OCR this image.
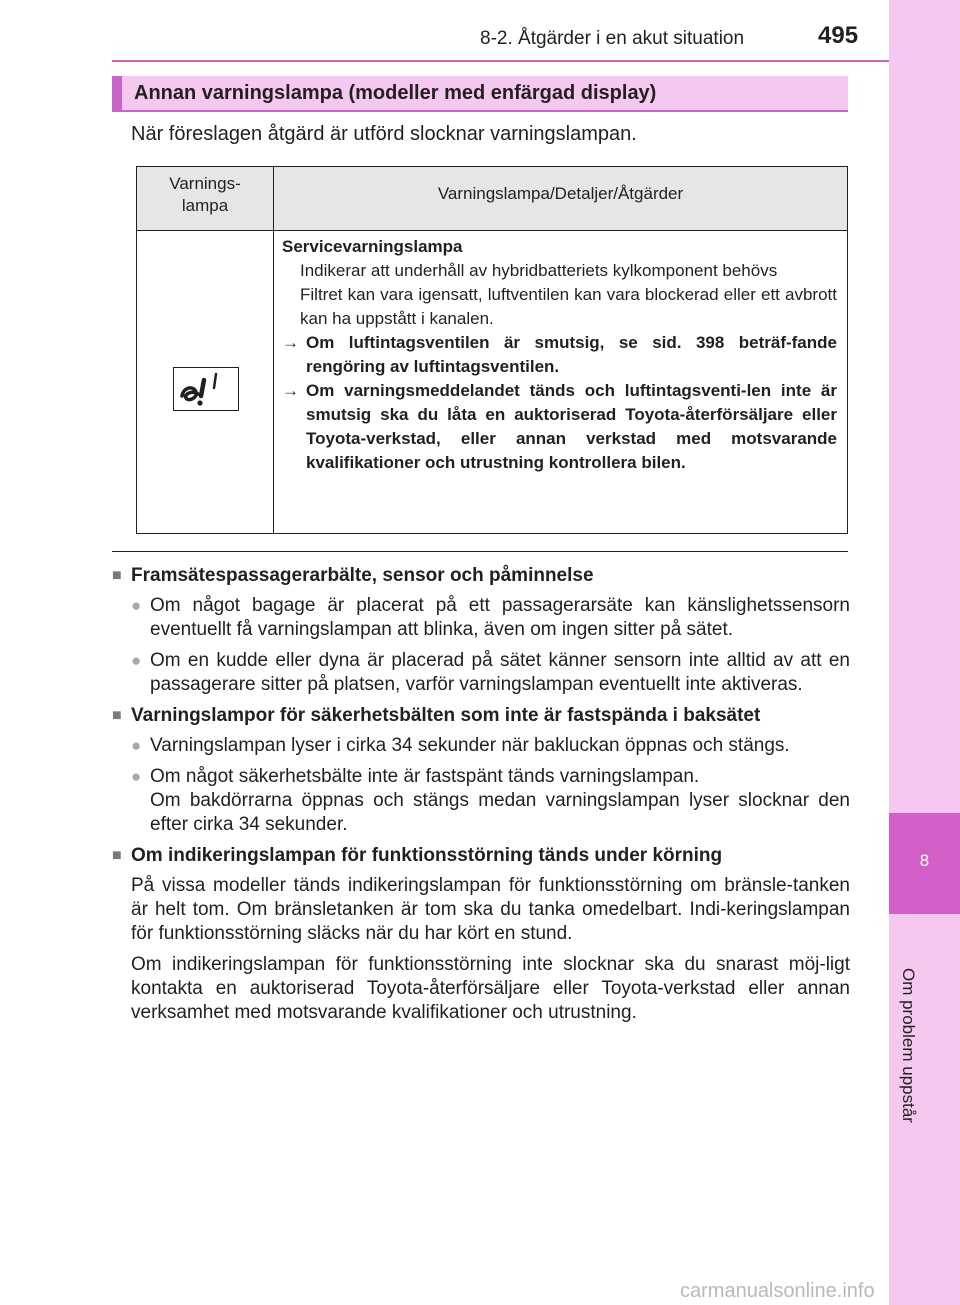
8-2. Åtgärder i en akut situation	495
8
Om problem uppstår
Annan varningslampa (modeller med enfärgad display)
När föreslagen åtgärd är utförd slocknar varningslampan.
Varnings-
lampa
Varningslampa/Detaljer/Åtgärder
Servicevarningslampa
Indikerar att underhåll av hybridbatteriets kylkomponent behövs
Filtret kan vara igensatt, luftventilen kan vara blockerad eller ett avbrott kan ha uppstått i kanalen.
→ Om luftintagsventilen är smutsig, se sid. 398 beträf-fande rengöring av luftintagsventilen.
→ Om varningsmeddelandet tänds och luftintagsventi-len inte är smutsig ska du låta en auktoriserad Toyota-återförsäljare eller Toyota-verkstad, eller annan verkstad med motsvarande kvalifikationer och utrustning kontrollera bilen.
■ Framsätespassagerarbälte, sensor och påminnelse
● Om något bagage är placerat på ett passagerarsäte kan känslighetssensorn eventuellt få varningslampan att blinka, även om ingen sitter på sätet.
● Om en kudde eller dyna är placerad på sätet känner sensorn inte alltid av att en passagerare sitter på platsen, varför varningslampan eventuellt inte aktiveras.
■ Varningslampor för säkerhetsbälten som inte är fastspända i baksätet
● Varningslampan lyser i cirka 34 sekunder när bakluckan öppnas och stängs.
● Om något säkerhetsbälte inte är fastspänt tänds varningslampan.
Om bakdörrarna öppnas och stängs medan varningslampan lyser slocknar den efter cirka 34 sekunder.
■ Om indikeringslampan för funktionsstörning tänds under körning
På vissa modeller tänds indikeringslampan för funktionsstörning om bränsle-tanken är helt tom. Om bränsletanken är tom ska du tanka omedelbart. Indi-keringslampan för funktionsstörning släcks när du har kört en stund.
Om indikeringslampan för funktionsstörning inte slocknar ska du snarast möj-ligt kontakta en auktoriserad Toyota-återförsäljare eller Toyota-verkstad eller annan verksamhet med motsvarande kvalifikationer och utrustning.
carmanualsonline.info
